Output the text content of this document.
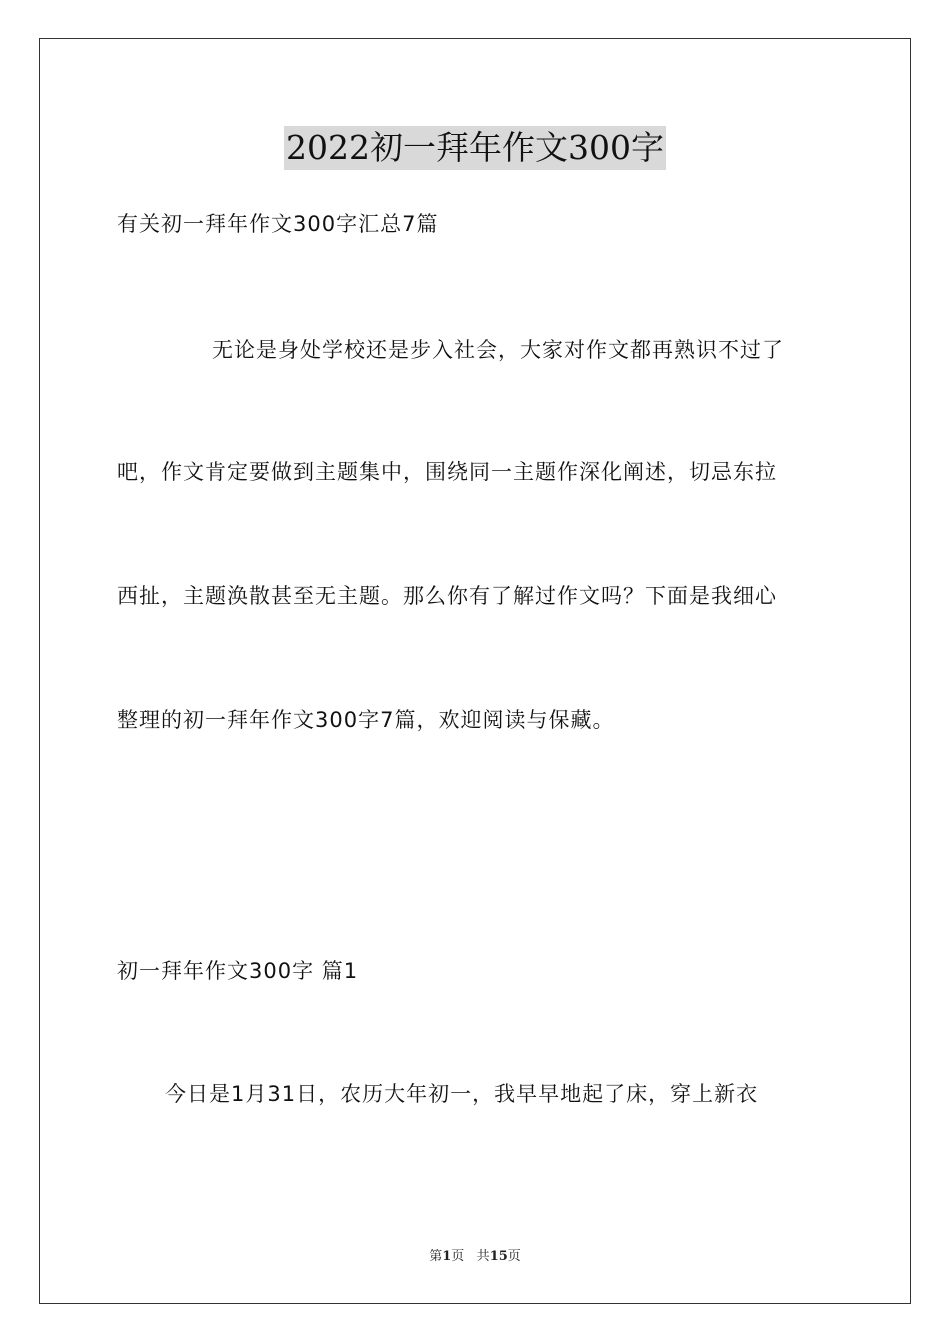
2022初一拜年作文300字
有关初一拜年作文300字汇总7篇
无论是身处学校还是步入社会，大家对作文都再熟识不过了
吧，作文肯定要做到主题集中，围绕同一主题作深化阐述，切忌东拉
西扯，主题涣散甚至无主题。那么你有了解过作文吗？下面是我细心
整理的初一拜年作文300字7篇，欢迎阅读与保藏。
初一拜年作文300字 篇1
今日是1月31日，农历大年初一，我早早地起了床，穿上新衣
第1页 共15页
